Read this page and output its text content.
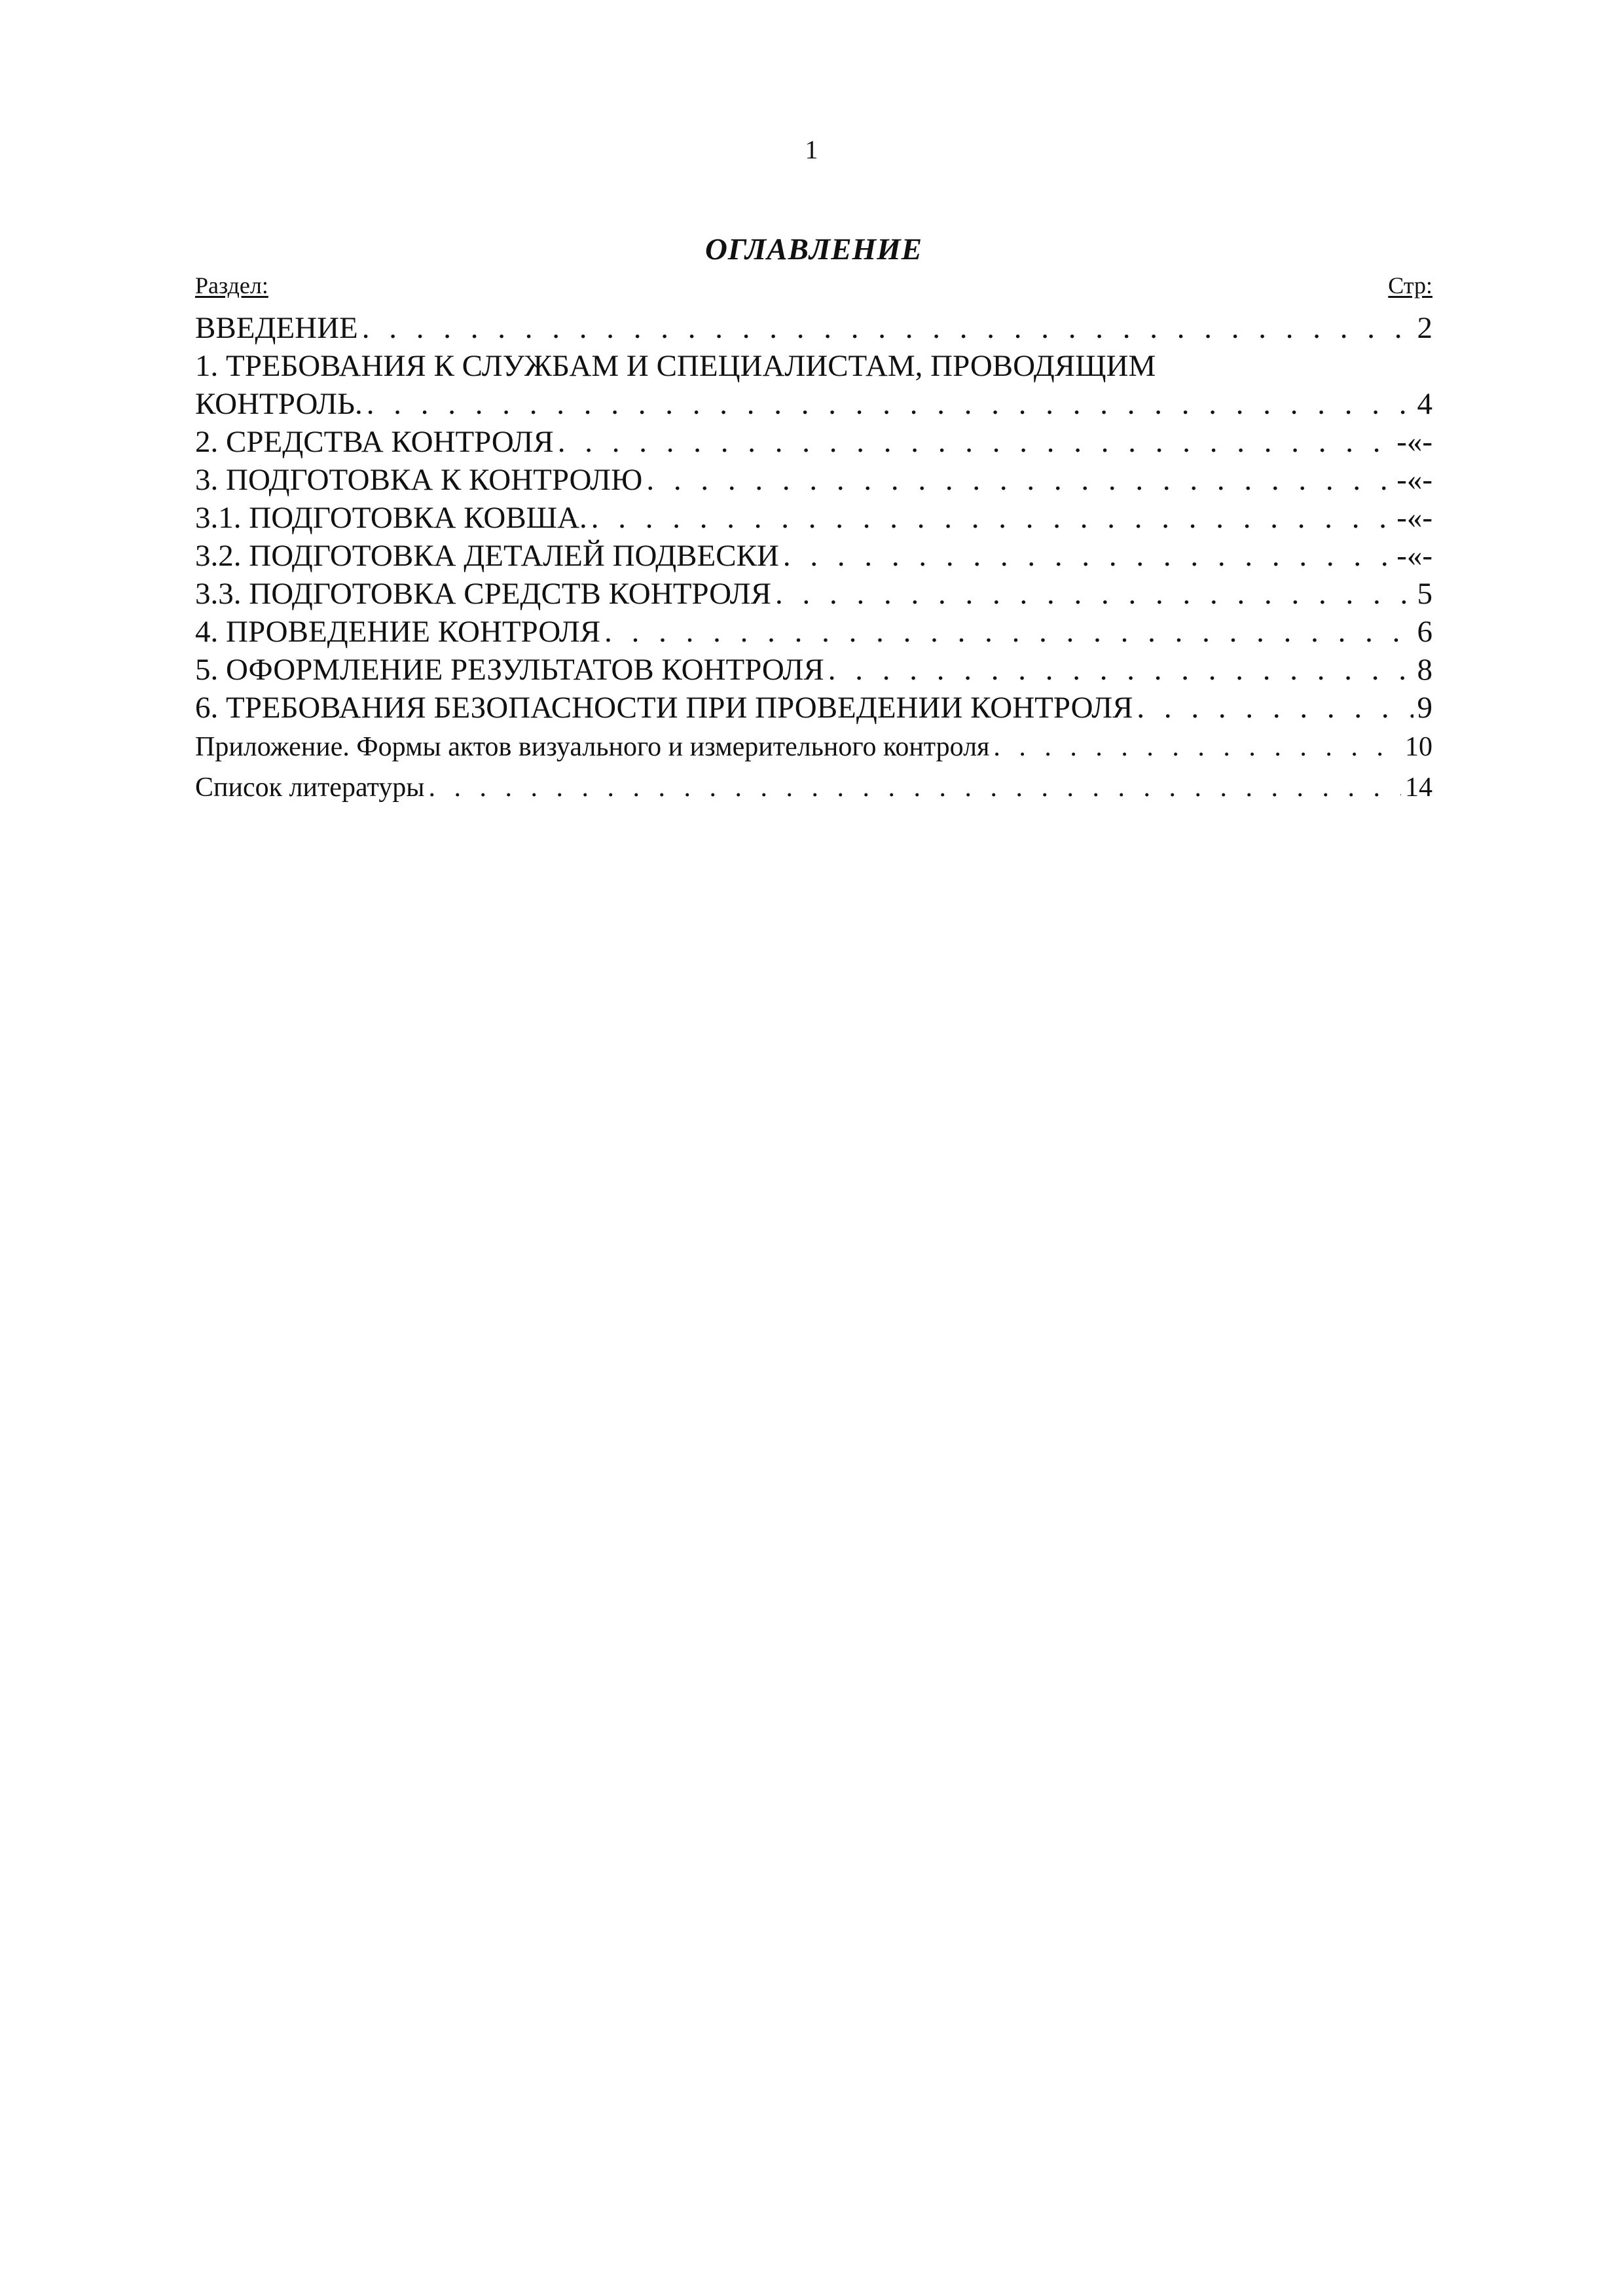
1
ОГЛАВЛЕНИЕ
Раздел:	Стр:
ВВЕДЕНИЕ . . .	2
1. ТРЕБОВАНИЯ К СЛУЖБАМ И СПЕЦИАЛИСТАМ, ПРОВОДЯЩИМ
КОНТРОЛЬ. . . .	4
2. СРЕДСТВА КОНТРОЛЯ . . .	-«-
3. ПОДГОТОВКА К КОНТРОЛЮ . . .	-«-
3.1. ПОДГОТОВКА КОВША. . . .	-«-
3.2. ПОДГОТОВКА ДЕТАЛЕЙ ПОДВЕСКИ . . .	-«-
3.3. ПОДГОТОВКА СРЕДСТВ КОНТРОЛЯ . . .	5
4. ПРОВЕДЕНИЕ КОНТРОЛЯ . . .	6
5. ОФОРМЛЕНИЕ РЕЗУЛЬТАТОВ КОНТРОЛЯ . . .	8
6. ТРЕБОВАНИЯ БЕЗОПАСНОСТИ ПРИ ПРОВЕДЕНИИ КОНТРОЛЯ . . .	9
Приложение. Формы актов визуального и измерительного контроля . . .	10
Список литературы . . .	14
